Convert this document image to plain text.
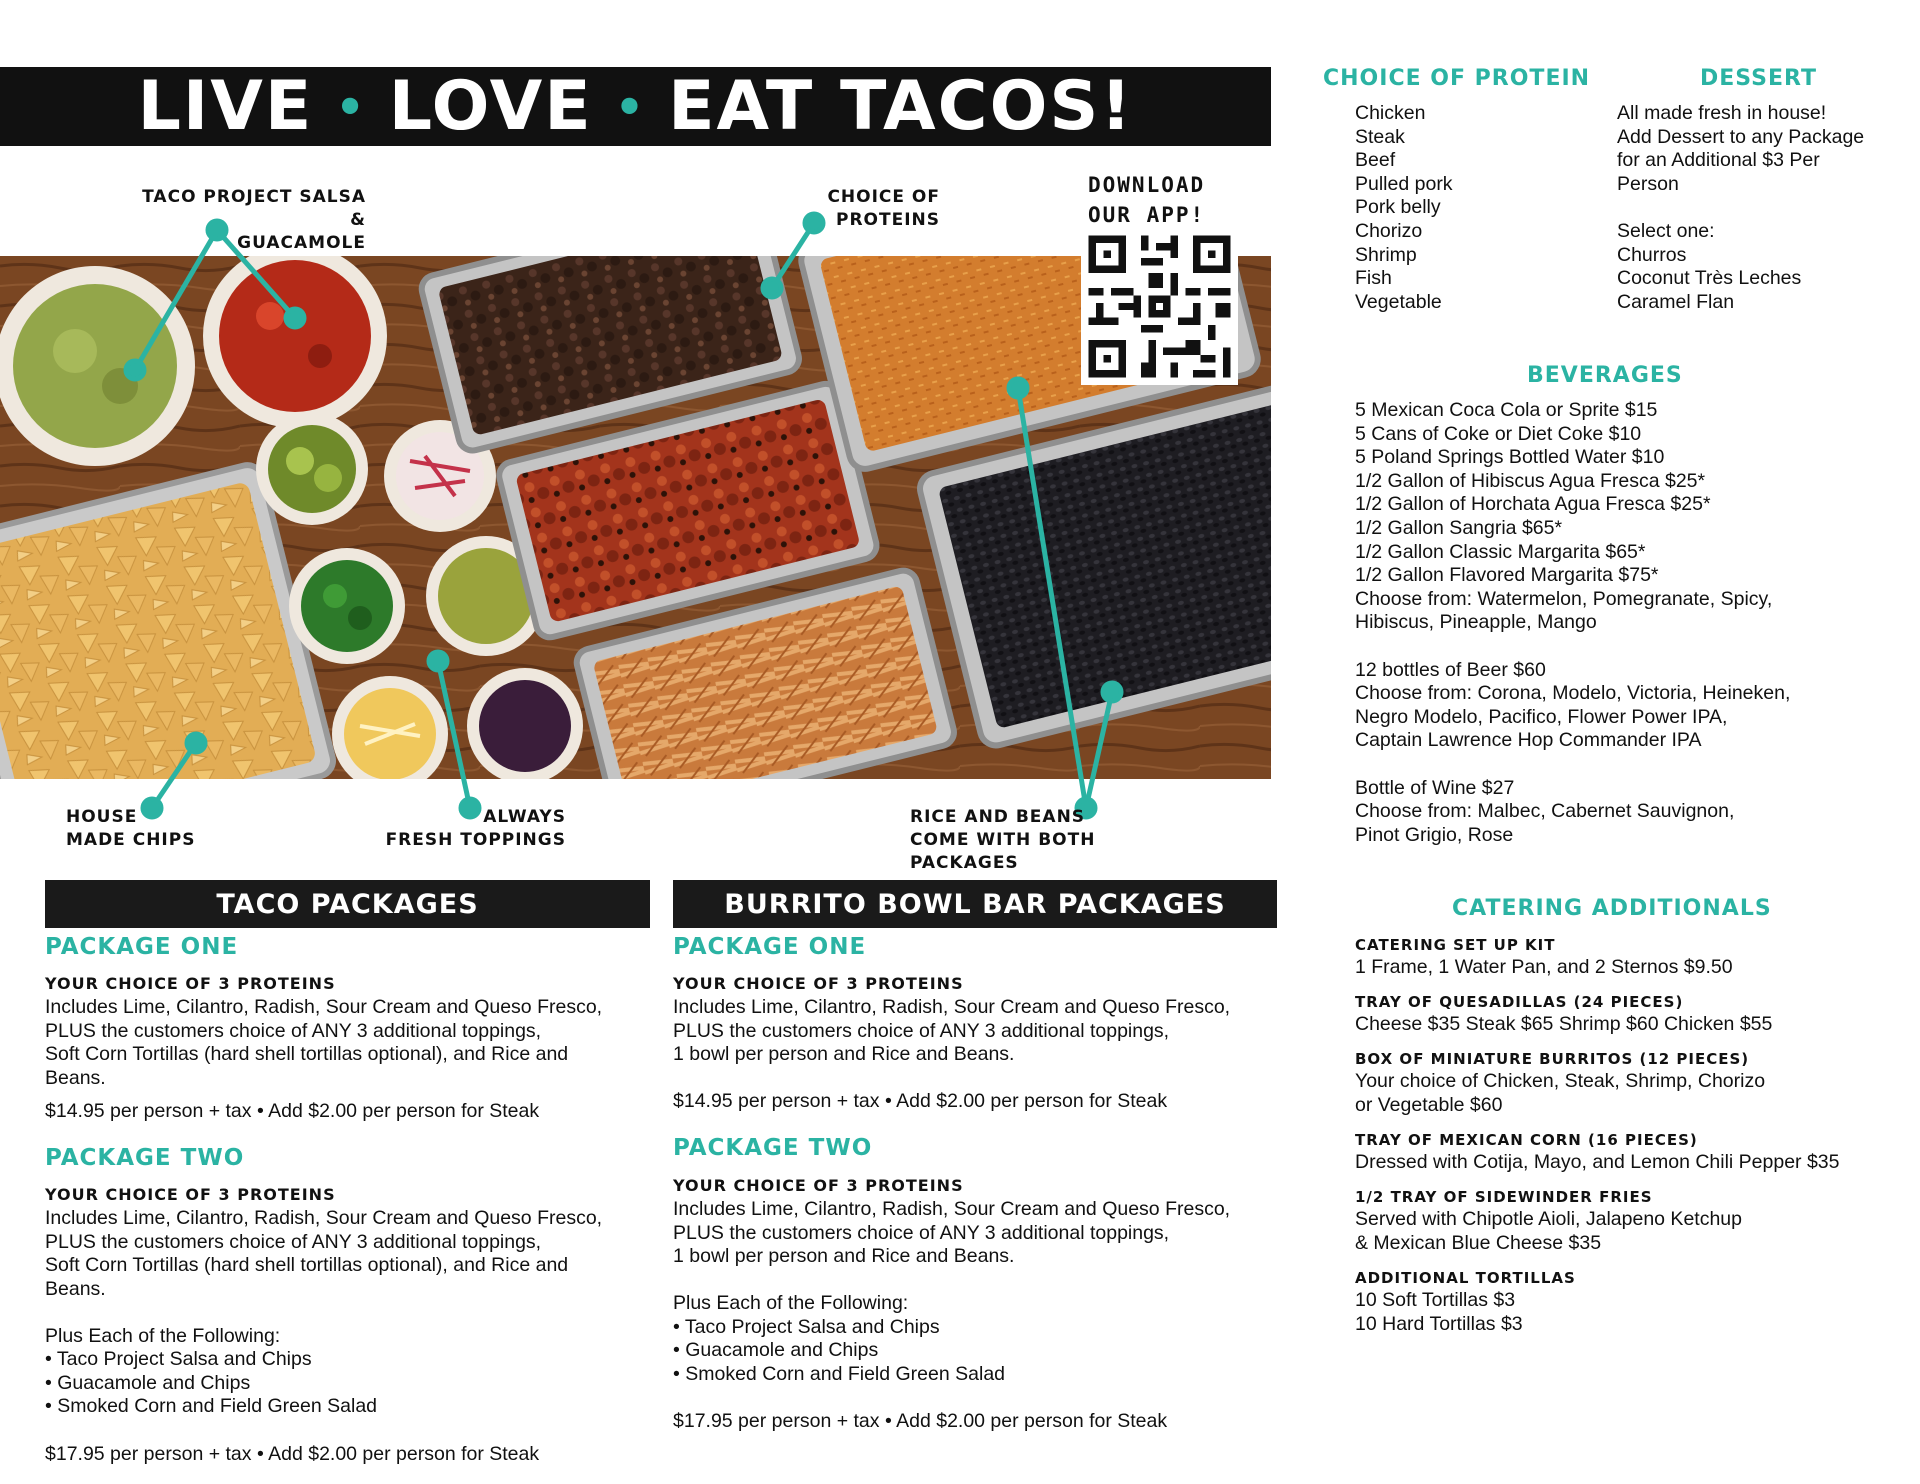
LIVE • LOVE • EAT TACOS!
TACO PROJECT SALSA &
GUACAMOLE
CHOICE OF
PROTEINS
HOUSE
MADE CHIPS
ALWAYS
FRESH TOPPINGS
RICE AND BEANS
COME WITH BOTH PACKAGES
DOWNLOAD
OUR APP!
TACO PACKAGES
PACKAGE ONE
YOUR CHOICE OF 3 PROTEINS
Includes Lime, Cilantro, Radish, Sour Cream and Queso Fresco,
PLUS the customers choice of ANY 3 additional toppings,
Soft Corn Tortillas (hard shell tortillas optional), and Rice and
Beans.
$14.95 per person + tax • Add $2.00 per person for Steak
PACKAGE TWO
YOUR CHOICE OF 3 PROTEINS
Includes Lime, Cilantro, Radish, Sour Cream and Queso Fresco,
PLUS the customers choice of ANY 3 additional toppings,
Soft Corn Tortillas (hard shell tortillas optional), and Rice and
Beans.

Plus Each of the Following:
• Taco Project Salsa and Chips
• Guacamole and Chips
• Smoked Corn and Field Green Salad
$17.95 per person + tax • Add $2.00 per person for Steak
BURRITO BOWL BAR PACKAGES
PACKAGE ONE
YOUR CHOICE OF 3 PROTEINS
Includes Lime, Cilantro, Radish, Sour Cream and Queso Fresco,
PLUS the customers choice of ANY 3 additional toppings,
1 bowl per person and Rice and Beans.
$14.95 per person + tax • Add $2.00 per person for Steak
PACKAGE TWO
YOUR CHOICE OF 3 PROTEINS
Includes Lime, Cilantro, Radish, Sour Cream and Queso Fresco,
PLUS the customers choice of ANY 3 additional toppings,
1 bowl per person and Rice and Beans.

Plus Each of the Following:
• Taco Project Salsa and Chips
• Guacamole and Chips
• Smoked Corn and Field Green Salad
$17.95 per person + tax • Add $2.00 per person for Steak
CHOICE OF PROTEIN
Chicken
Steak
Beef
Pulled pork
Pork belly
Chorizo
Shrimp
Fish
Vegetable
DESSERT
All made fresh in house!
Add Dessert to any Package
for an Additional $3 Per
Person

Select one:
Churros
Coconut Très Leches
Caramel Flan
BEVERAGES
5 Mexican Coca Cola or Sprite $15
5 Cans of Coke or Diet Coke $10
5 Poland Springs Bottled Water $10
1/2 Gallon of Hibiscus Agua Fresca $25*
1/2 Gallon of Horchata Agua Fresca $25*
1/2 Gallon Sangria $65*
1/2 Gallon Classic Margarita $65*
1/2 Gallon Flavored Margarita $75*
Choose from: Watermelon, Pomegranate, Spicy,
Hibiscus, Pineapple, Mango

12 bottles of Beer $60
Choose from: Corona, Modelo, Victoria, Heineken,
Negro Modelo, Pacifico, Flower Power IPA,
Captain Lawrence Hop Commander IPA

Bottle of Wine $27
Choose from: Malbec, Cabernet Sauvignon,
Pinot Grigio, Rose
CATERING ADDITIONALS
CATERING SET UP KIT
1 Frame, 1 Water Pan, and 2 Sternos $9.50
TRAY OF QUESADILLAS (24 PIECES)
Cheese $35 Steak $65 Shrimp $60 Chicken $55
BOX OF MINIATURE BURRITOS (12 PIECES)
Your choice of Chicken, Steak, Shrimp, Chorizo
or Vegetable $60
TRAY OF MEXICAN CORN (16 PIECES)
Dressed with Cotija, Mayo, and Lemon Chili Pepper $35
1/2 TRAY OF SIDEWINDER FRIES
Served with Chipotle Aioli, Jalapeno Ketchup
& Mexican Blue Cheese $35
ADDITIONAL TORTILLAS
10 Soft Tortillas $3
10 Hard Tortillas $3
